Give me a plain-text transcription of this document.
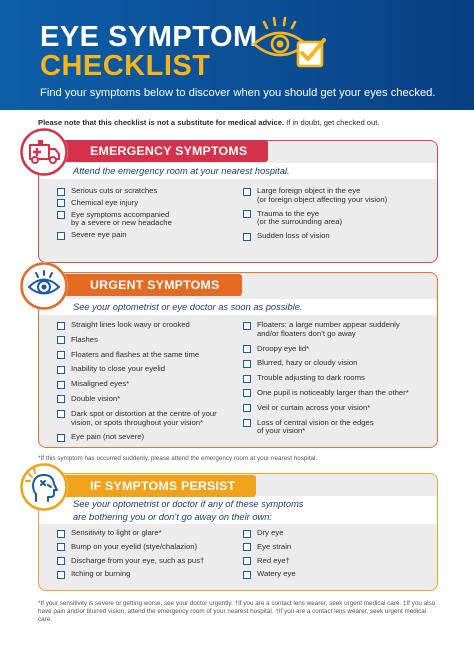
EYE SYMPTOM
CHECKLIST
Find your symptoms below to discover when you should get your eyes checked.
Please note that this checklist is not a substitute for medical advice. If in doubt, get checked out.
Attend the emergency room at your nearest hospital.
Serious cuts or scratches
Chemical eye injury
Eye symptoms accompanied
by a severe or new headache
Severe eye pain
Large foreign object in the eye
(or foreign object affecting your vision)
Trauma to the eye
(or the surrounding area)
Sudden loss of vision
EMERGENCY SYMPTOMS
See your optometrist or eye doctor as soon as possible.
Straight lines look wavy or crooked
Flashes
Floaters and flashes at the same time
Inability to close your eyelid
Misaligned eyes*
Double vision*
Dark spot or distortion at the centre of your
vision, or spots throughout your vision*
Eye pain (not severe)
Floaters: a large number appear suddenly
and/or floaters don’t go away
Droopy eye lid*
Blurred, hazy or cloudy vision
Trouble adjusting to dark rooms
One pupil is noticeably larger than the other*
Veil or curtain across your vision*
Loss of central vision or the edges
of your vision*
URGENT SYMPTOMS
*If this symptom has occurred suddenly, please attend the emergency room at your nearest hospital.
See your optometrist or doctor if any of these symptoms
are bothering you or don’t go away on their own:
Sensitivity to light or glare*
Bump on your eyelid (stye/chalazion)
Discharge from your eye, such as pus†
Itching or burning
Dry eye
Eye strain
Red eye†
Watery eye
IF SYMPTOMS PERSIST
*If your sensitivity is severe or getting worse, see your doctor urgently. †If you are a contact lens wearer, seek urgent medical care. ‡If you also have pain and/or blurred vision, attend the emergency room of your nearest hospital. †If you are a contact lens wearer, seek urgent medical care.
